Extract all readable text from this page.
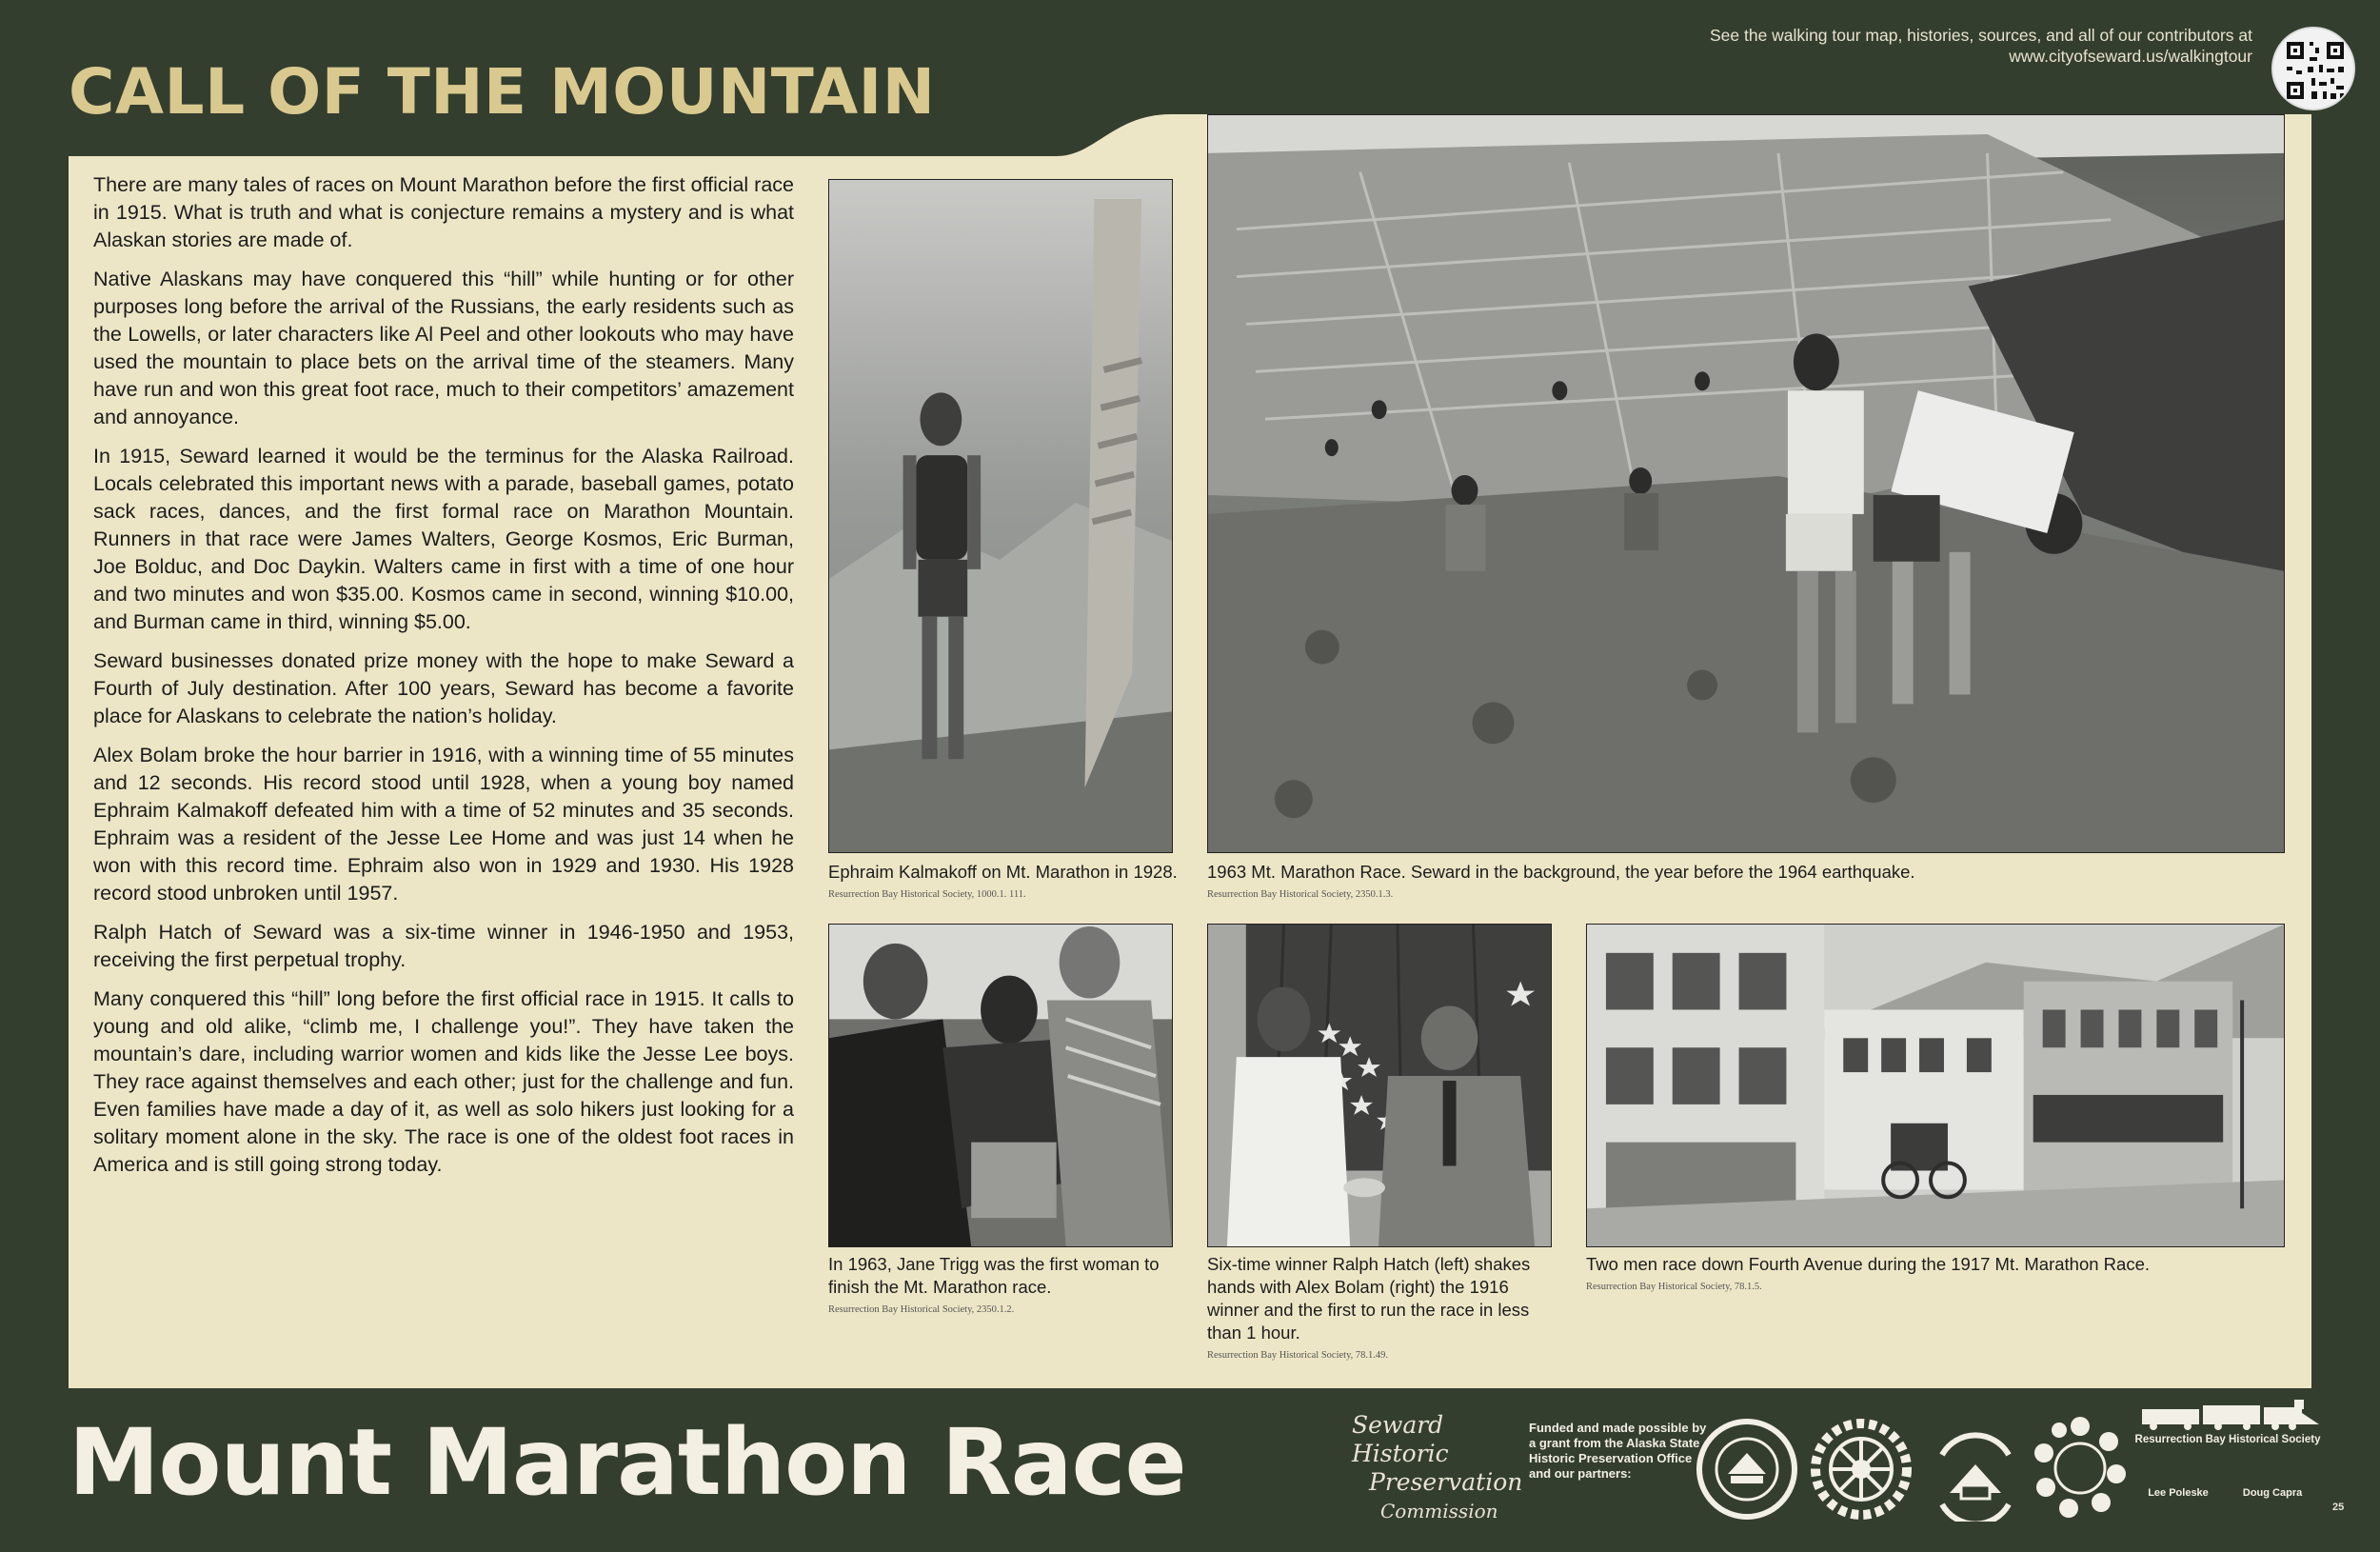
CALL OF THE MOUNTAIN
See the walking tour map, histories, sources, and all of our contributors at
www.cityofseward.us/walkingtour

There are many tales of races on Mount Marathon before the first official race in 1915. What is truth and what is conjecture remains a mystery and is what Alaskan stories are made of.

Native Alaskans may have conquered this “hill” while hunting or for other purposes long before the arrival of the Russians, the early residents such as the Lowells, or later characters like Al Peel and other lookouts who may have used the mountain to place bets on the arrival time of the steamers. Many have run and won this great foot race, much to their competitors’ amazement and annoyance.

In 1915, Seward learned it would be the terminus for the Alaska Railroad. Locals celebrated this important news with a parade, baseball games, potato sack races, dances, and the first formal race on Marathon Mountain. Runners in that race were James Walters, George Kosmos, Eric Burman, Joe Bolduc, and Doc Daykin. Walters came in first with a time of one hour and two minutes and won $35.00. Kosmos came in second, winning $10.00, and Burman came in third, winning $5.00.

Seward businesses donated prize money with the hope to make Seward a Fourth of July destination. After 100 years, Seward has become a favorite place for Alaskans to celebrate the nation’s holiday.

Alex Bolam broke the hour barrier in 1916, with a winning time of 55 minutes and 12 seconds. His record stood until 1928, when a young boy named Ephraim Kalmakoff defeated him with a time of 52 minutes and 35 seconds. Ephraim was a resident of the Jesse Lee Home and was just 14 when he won with this record time. Ephraim also won in 1929 and 1930. His 1928 record stood unbroken until 1957.

Ralph Hatch of Seward was a six-time winner in 1946-1950 and 1953, receiving the first perpetual trophy.

Many conquered this “hill” long before the first official race in 1915. It calls to young and old alike, “climb me, I challenge you!”. They have taken the mountain’s dare, including warrior women and kids like the Jesse Lee boys. They race against themselves and each other; just for the challenge and fun. Even families have made a day of it, as well as solo hikers just looking for a solitary moment alone in the sky. The race is one of the oldest foot races in America and is still going strong today.

Ephraim Kalmakoff on Mt. Marathon in 1928.
Resurrection Bay Historical Society, 1000.1. 111.
1963 Mt. Marathon Race. Seward in the background, the year before the 1964 earthquake.
Resurrection Bay Historical Society, 2350.1.3.
In 1963, Jane Trigg was the first woman to finish the Mt. Marathon race.
Resurrection Bay Historical Society, 2350.1.2.
Six-time winner Ralph Hatch (left) shakes hands with Alex Bolam (right) the 1916 winner and the first to run the race in less than 1 hour.
Resurrection Bay Historical Society, 78.1.49.
Two men race down Fourth Avenue during the 1917 Mt. Marathon Race.
Resurrection Bay Historical Society, 78.1.5.
Mount Marathon Race	Seward Historic
Preservation
Commission
Funded and made possible by a grant from the Alaska State Historic Preservation Office and our partners:
Resurrection Bay Historical Society
Lee Poleske	Doug Capra
25
